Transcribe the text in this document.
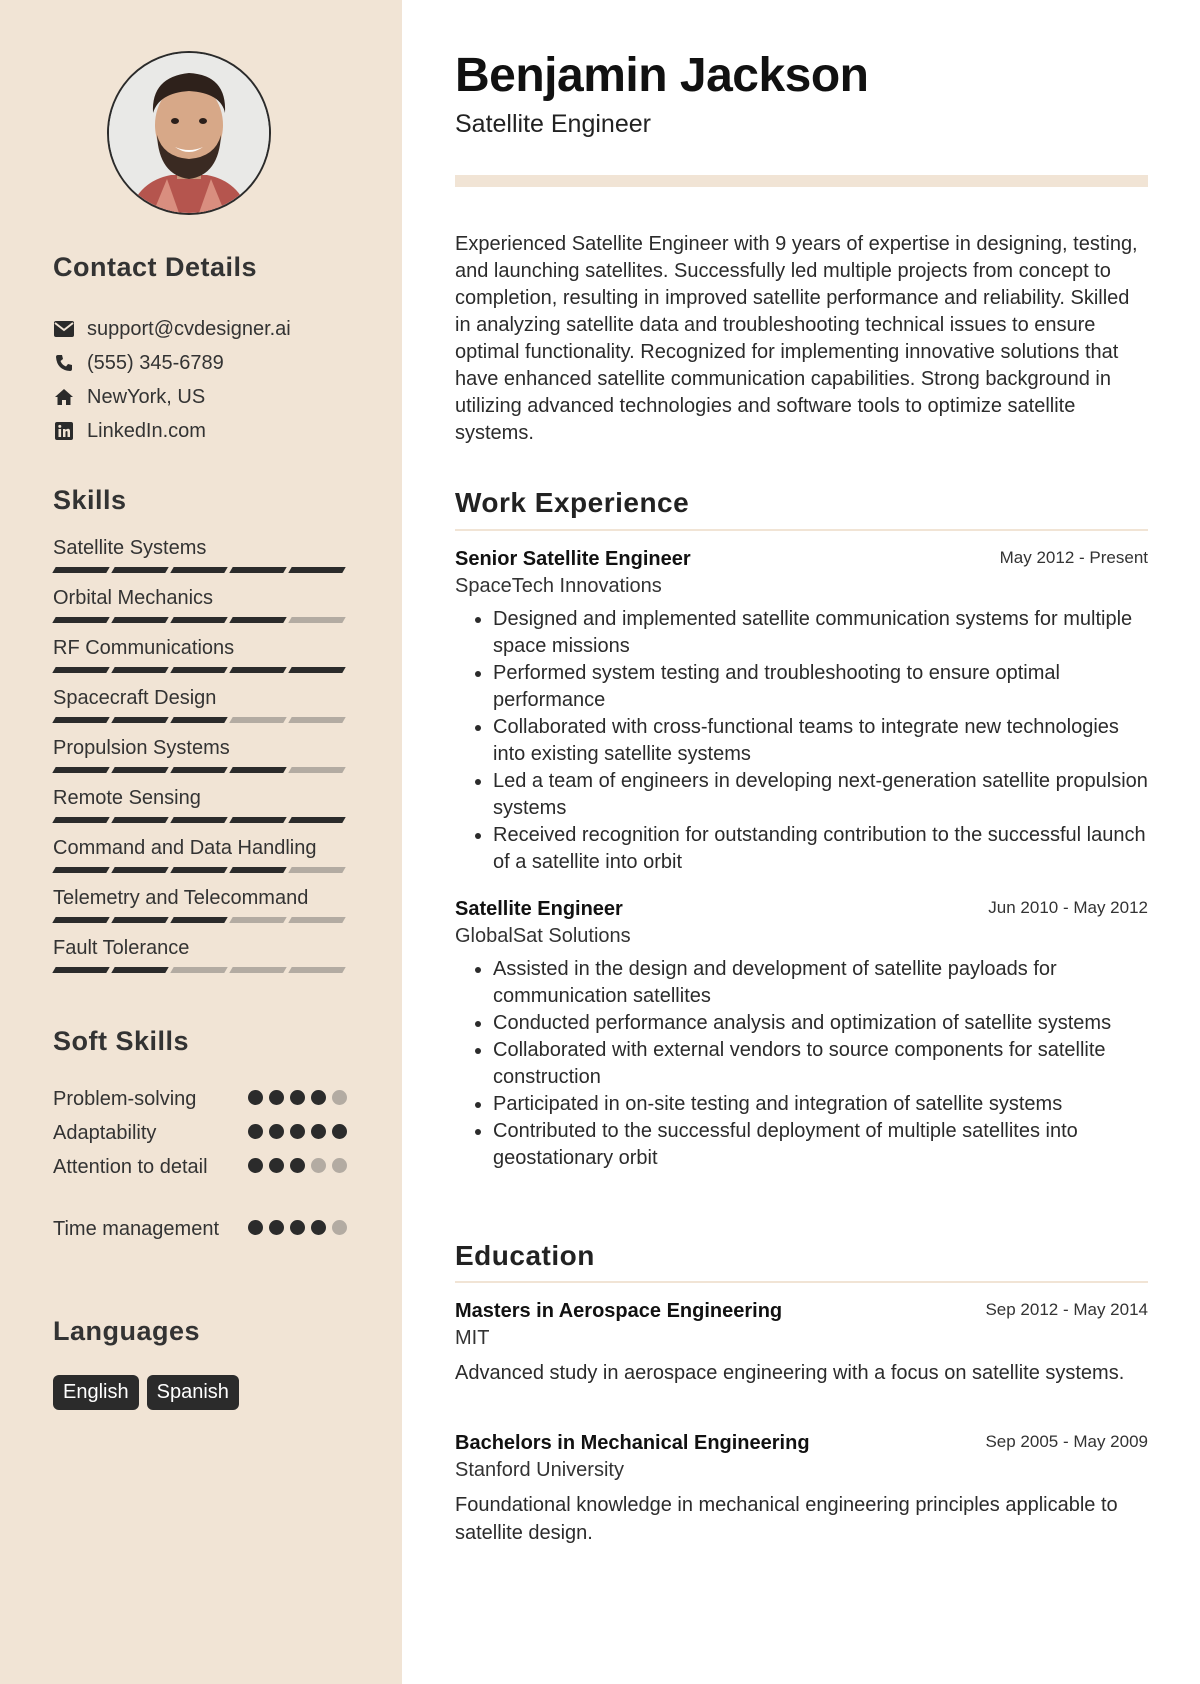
Contact Details
support@cvdesigner.ai
(555) 345-6789
NewYork, US
LinkedIn.com
Skills
Satellite Systems
Orbital Mechanics
RF Communications
Spacecraft Design
Propulsion Systems
Remote Sensing
Command and Data Handling
Telemetry and Telecommand
Fault Tolerance
Soft Skills
Problem-solving
Adaptability
Attention to detail
Time management
Languages
English	Spanish
Benjamin Jackson
Satellite Engineer

Experienced Satellite Engineer with 9 years of expertise in designing, testing, and launching satellites. Successfully led multiple projects from concept to completion, resulting in improved satellite performance and reliability. Skilled in analyzing satellite data and troubleshooting technical issues to ensure optimal functionality. Recognized for implementing innovative solutions that have enhanced satellite communication capabilities. Strong background in utilizing advanced technologies and software tools to optimize satellite systems.

Work Experience
Senior Satellite Engineer	May 2012 - Present
SpaceTech Innovations
• Designed and implemented satellite communication systems for multiple space missions
• Performed system testing and troubleshooting to ensure optimal performance
• Collaborated with cross-functional teams to integrate new technologies into existing satellite systems
• Led a team of engineers in developing next-generation satellite propulsion systems
• Received recognition for outstanding contribution to the successful launch of a satellite into orbit
Satellite Engineer	Jun 2010 - May 2012
GlobalSat Solutions
• Assisted in the design and development of satellite payloads for communication satellites
• Conducted performance analysis and optimization of satellite systems
• Collaborated with external vendors to source components for satellite construction
• Participated in on-site testing and integration of satellite systems
• Contributed to the successful deployment of multiple satellites into geostationary orbit
Education
Masters in Aerospace Engineering	Sep 2012 - May 2014
MIT

Advanced study in aerospace engineering with a focus on satellite systems.

Bachelors in Mechanical Engineering	Sep 2005 - May 2009
Stanford University

Foundational knowledge in mechanical engineering principles applicable to satellite design.
